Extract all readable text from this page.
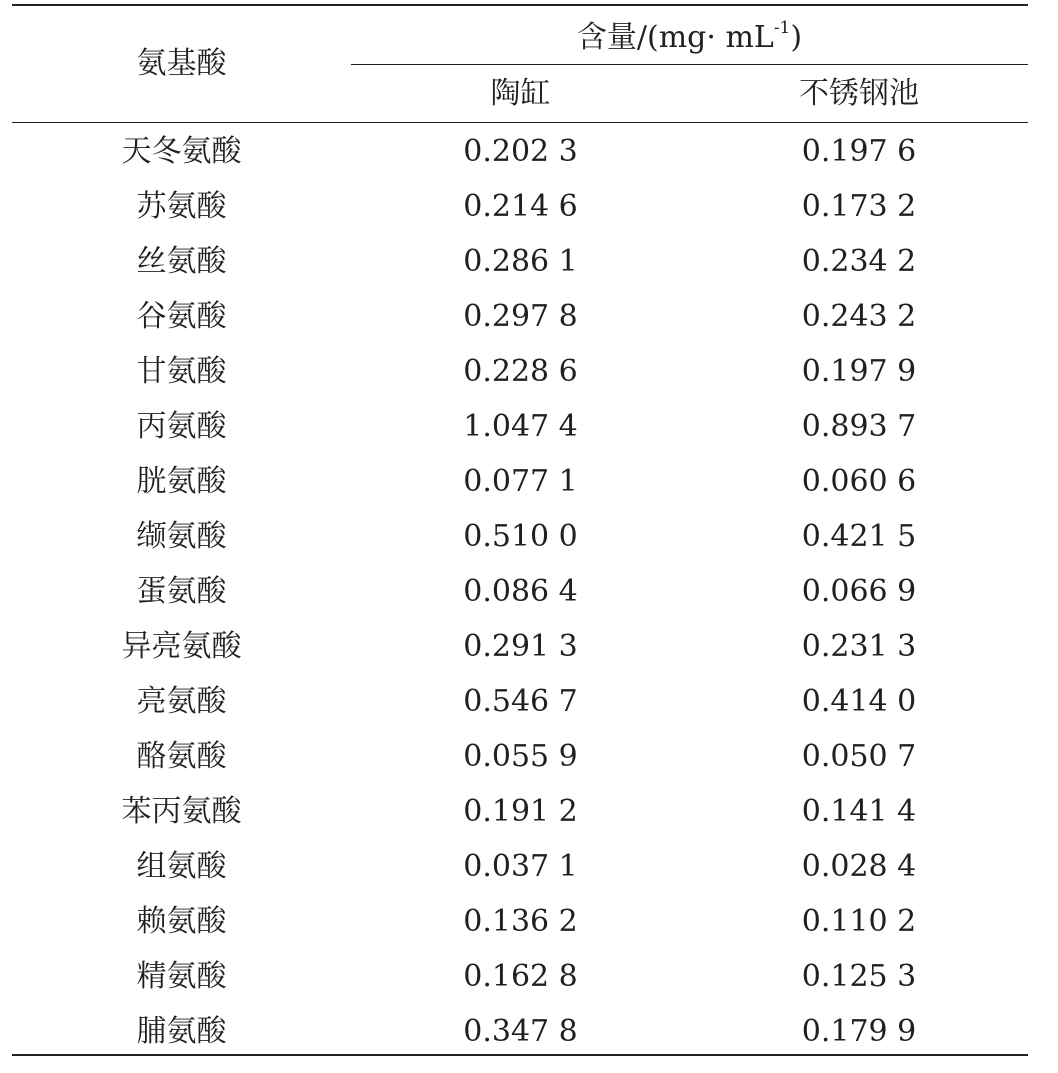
氨基酸
含量$/(mg\cdot mL^{-1})$
陶缸	不锈钢池
天冬氨酸	0.202 3	0.197 6
苏氨酸	0.214 6	0.173 2
丝氨酸	0.286 1	0.234 2
谷氨酸	0.297 8	0.243 2
甘氨酸	0.228 6	0.197 9
丙氨酸	1.047 4	0.893 7
胱氨酸	0.077 1	0.060 6
缬氨酸	0.510 0	0.421 5
蛋氨酸	0.086 4	0.066 9
异亮氨酸	0.291 3	0.231 3
亮氨酸	0.546 7	0.414 0
酪氨酸	0.055 9	0.050 7
苯丙氨酸	0.191 2	0.141 4
组氨酸	0.037 1	0.028 4
赖氨酸	0.136 2	0.110 2
精氨酸	0.162 8	0.125 3
脯氨酸	0.347 8	0.179 9
